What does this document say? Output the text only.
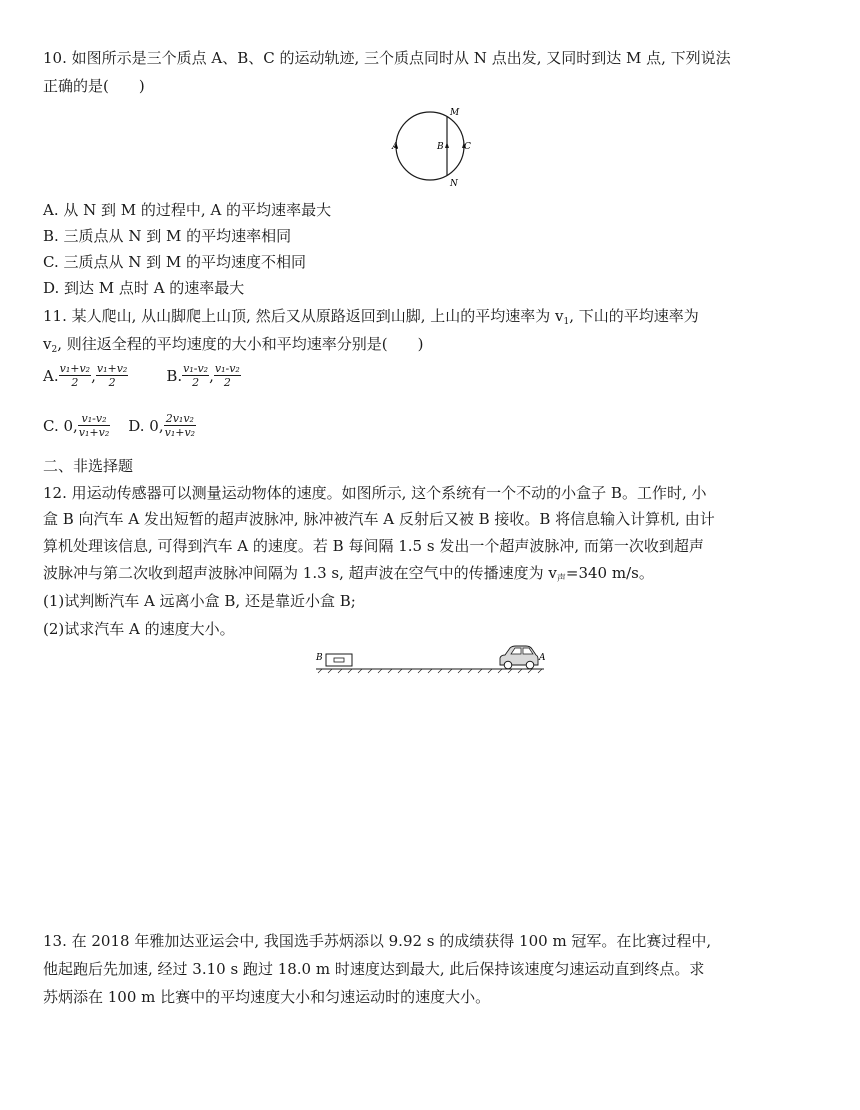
10. 如图所示是三个质点 A、B、C 的运动轨迹, 三个质点同时从 N 点出发, 又同时到达 M 点, 下列说法
正确的是(　　)
M
N
A	B C
A. 从 N 到 M 的过程中, A 的平均速率最大
B. 三质点从 N 到 M 的平均速率相同
C. 三质点从 N 到 M 的平均速度不相同
D. 到达 M 点时 A 的速率最大
11. 某人爬山, 从山脚爬上山顶, 然后又从原路返回到山脚, 上山的平均速率为 $v_1$, 下山的平均速率为
$v_2$, 则往返全程的平均速度的大小和平均速率分别是(　　)
A. $\frac{\text{v₁+v₂}}{2}$ , $\frac{\text{v₁+v₂}}{2}$	B. $\frac{\text{v₁-v₂}}{2}$ , $\frac{\text{v₁-v₂}}{2}$
C. 0, $\frac{\text{v₁-v₂}}{\text{v₁+v₂}} D$. 0, $\frac{\text{2v₁v₂}}{\text{v₁+v₂}}$
二、非选择题
12. 用运动传感器可以测量运动物体的速度。如图所示, 这个系统有一个不动的小盒子 B。工作时, 小
盒 B 向汽车 A 发出短暂的超声波脉冲, 脉冲被汽车 A 反射后又被 B 接收。B 将信息输入计算机, 由计
算机处理该信息, 可得到汽车 A 的速度。若 B 每间隔 1.5 s 发出一个超声波脉冲, 而第一次收到超声
波脉冲与第二次收到超声波脉冲间隔为 1.3 s, 超声波在空气中的传播速度为 $v_声=340$ m/s。
(1)试判断汽车 A 远离小盒 B, 还是靠近小盒 B;
(2)试求汽车 A 的速度大小。
B	A
13. 在 2018 年雅加达亚运会中, 我国选手苏炳添以 9.92 s 的成绩获得 100 m 冠军。在比赛过程中,
他起跑后先加速, 经过 3.10 s 跑过 18.0 m 时速度达到最大, 此后保持该速度匀速运动直到终点。求
苏炳添在 100 m 比赛中的平均速度大小和匀速运动时的速度大小。
